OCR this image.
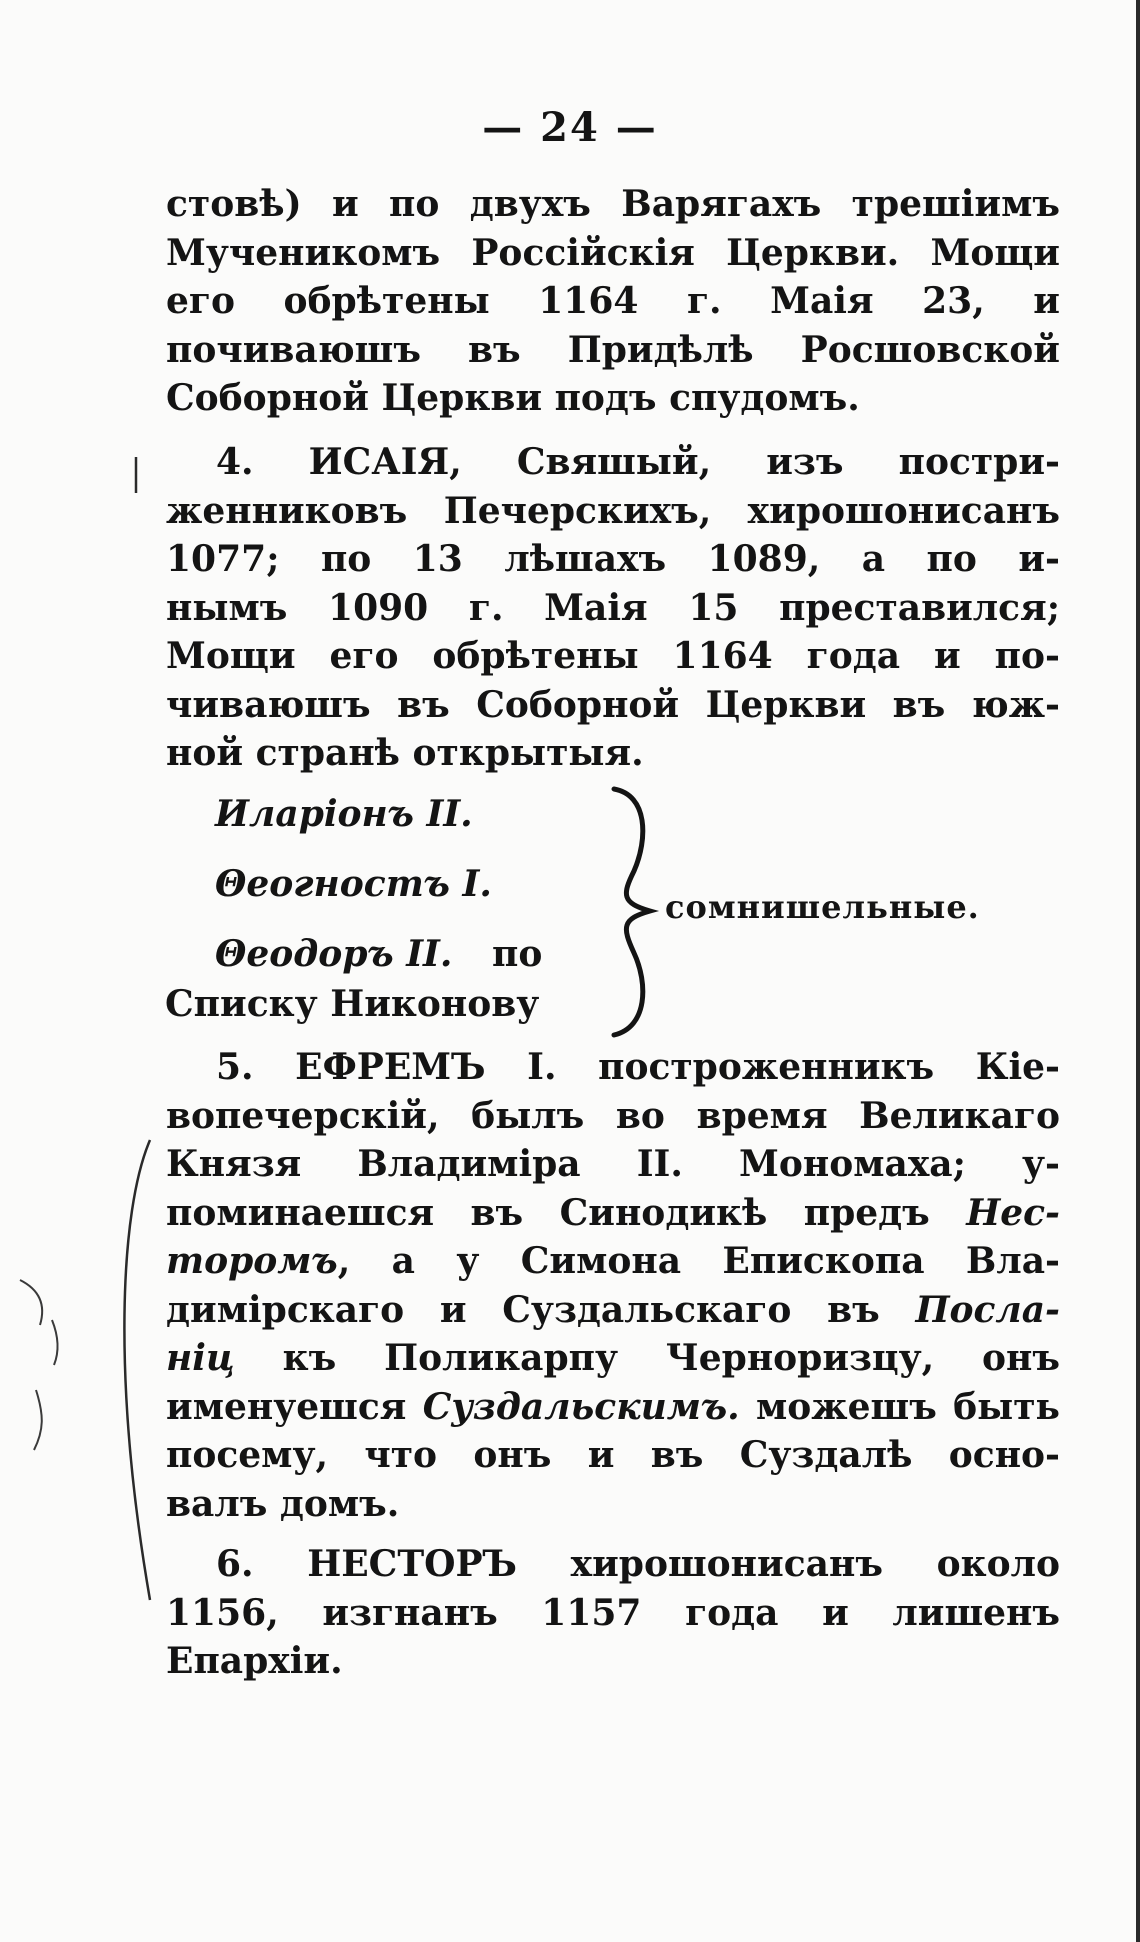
— 24 —
стовѣ) и по двухъ Варягахъ трешіимъ
Мученикомъ Россійскія Церкви. Мощи
его обрѣтены 1164 г. Маія 23, и
почиваюшъ въ Придѣлѣ Росшовской
Соборной Церкви подъ спудомъ.
4. ИСАІЯ, Свяшый, изъ постри-
женниковъ Печерскихъ, хирошонисанъ
1077; по 13 лѣшахъ 1089, а по и-
нымъ 1090 г. Маія 15 преставился;
Мощи его обрѣтены 1164 года и по-
чиваюшъ въ Соборной Церкви въ юж-
ной странѣ открытыя.
Иларіонъ II.
Θеогностъ I.
Θеодоръ II. по
Списку Никонову
сомнишельные.
5. ЕФРЕМЪ I. построженникъ Кіе-
вопечерскій, былъ во время Великаго
Князя Владиміра II. Мономаха; у-
поминаешся въ Синодикѣ предъ Нес-
торомъ, а у Симона Епископа Вла-
димірскаго и Суздальскаго въ Посла-
ніц къ Поликарпу Черноризцу, онъ
именуешся Суздальскимъ. можешъ быть
посему, что онъ и въ Суздалѣ осно-
валъ домъ.
6. НЕСТОРЪ хирошонисанъ около
1156, изгнанъ 1157 года и лишенъ
Епархіи.
